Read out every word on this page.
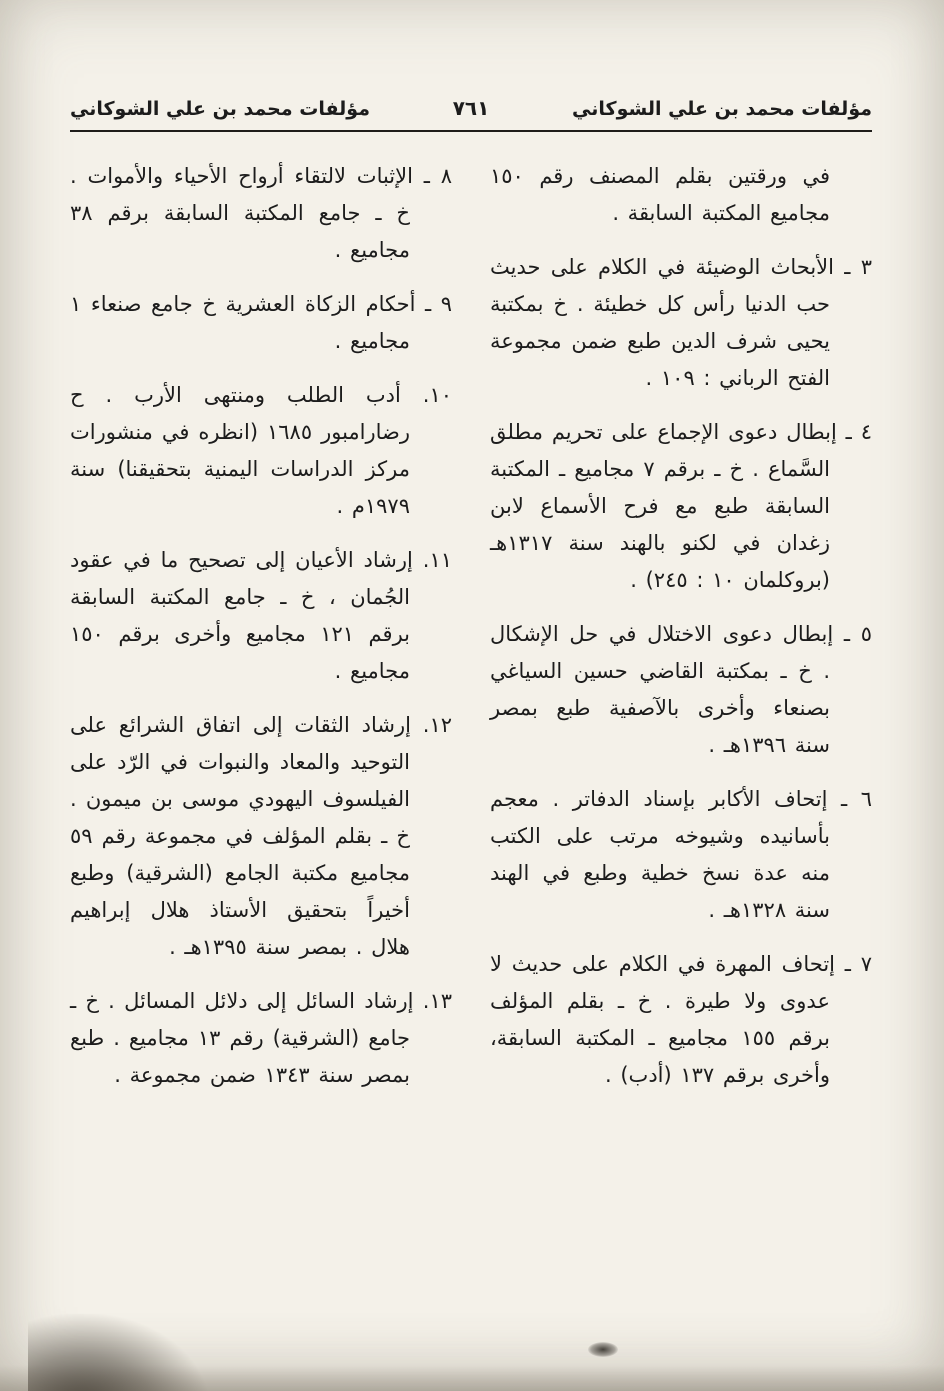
مؤلفات محمد بن علي الشوكاني
٧٦١
مؤلفات محمد بن علي الشوكاني

في ورقتين بقلم المصنف رقم ١٥٠ مجاميع المكتبة السابقة .

٣ ـ الأبحاث الوضيئة في الكلام على حديث حب الدنيا رأس كل خطيئة . خ بمكتبة يحيى شرف الدين طبع ضمن مجموعة الفتح الرباني : ١٠٩ .

٤ ـ إبطال دعوى الإجماع على تحريم مطلق السَّماع . خ ـ برقم ٧ مجاميع ـ المكتبة السابقة طبع مع فرح الأسماع لابن زغدان في لكنو بالهند سنة ١٣١٧هـ (بروكلمان ١٠ : ٢٤٥) .

٥ ـ إبطال دعوى الاختلال في حل الإشكال . خ ـ بمكتبة القاضي حسين السياغي بصنعاء وأخرى بالآصفية طبع بمصر سنة ١٣٩٦هـ .

٦ ـ إتحاف الأكابر بإسناد الدفاتر . معجم بأسانيده وشيوخه مرتب على الكتب منه عدة نسخ خطية وطبع في الهند سنة ١٣٢٨هـ .

٧ ـ إتحاف المهرة في الكلام على حديث لا عدوى ولا طيرة . خ ـ بقلم المؤلف برقم ١٥٥ مجاميع ـ المكتبة السابقة، وأخرى برقم ١٣٧ (أدب) .

٨ ـ الإثبات لالتقاء أرواح الأحياء والأموات . خ ـ جامع المكتبة السابقة برقم ٣٨ مجاميع .

٩ ـ أحكام الزكاة العشرية خ جامع صنعاء ١ مجاميع .

١٠. أدب الطلب ومنتهى الأرب . ح رضارامبور ١٦٨٥ (انظره في منشورات مركز الدراسات اليمنية بتحقيقنا) سنة ١٩٧٩م .

١١. إرشاد الأعيان إلى تصحيح ما في عقود الجُمان ، خ ـ جامع المكتبة السابقة برقم ١٢١ مجاميع وأخرى برقم ١٥٠ مجاميع .

١٢. إرشاد الثقات إلى اتفاق الشرائع على التوحيد والمعاد والنبوات في الرّد على الفيلسوف اليهودي موسى بن ميمون . خ ـ بقلم المؤلف في مجموعة رقم ٥٩ مجاميع مكتبة الجامع (الشرقية) وطبع أخيراً بتحقيق الأستاذ هلال إبراهيم هلال . بمصر سنة ١٣٩٥هـ .

١٣. إرشاد السائل إلى دلائل المسائل . خ ـ جامع (الشرقية) رقم ١٣ مجاميع . طبع بمصر سنة ١٣٤٣ ضمن مجموعة .
